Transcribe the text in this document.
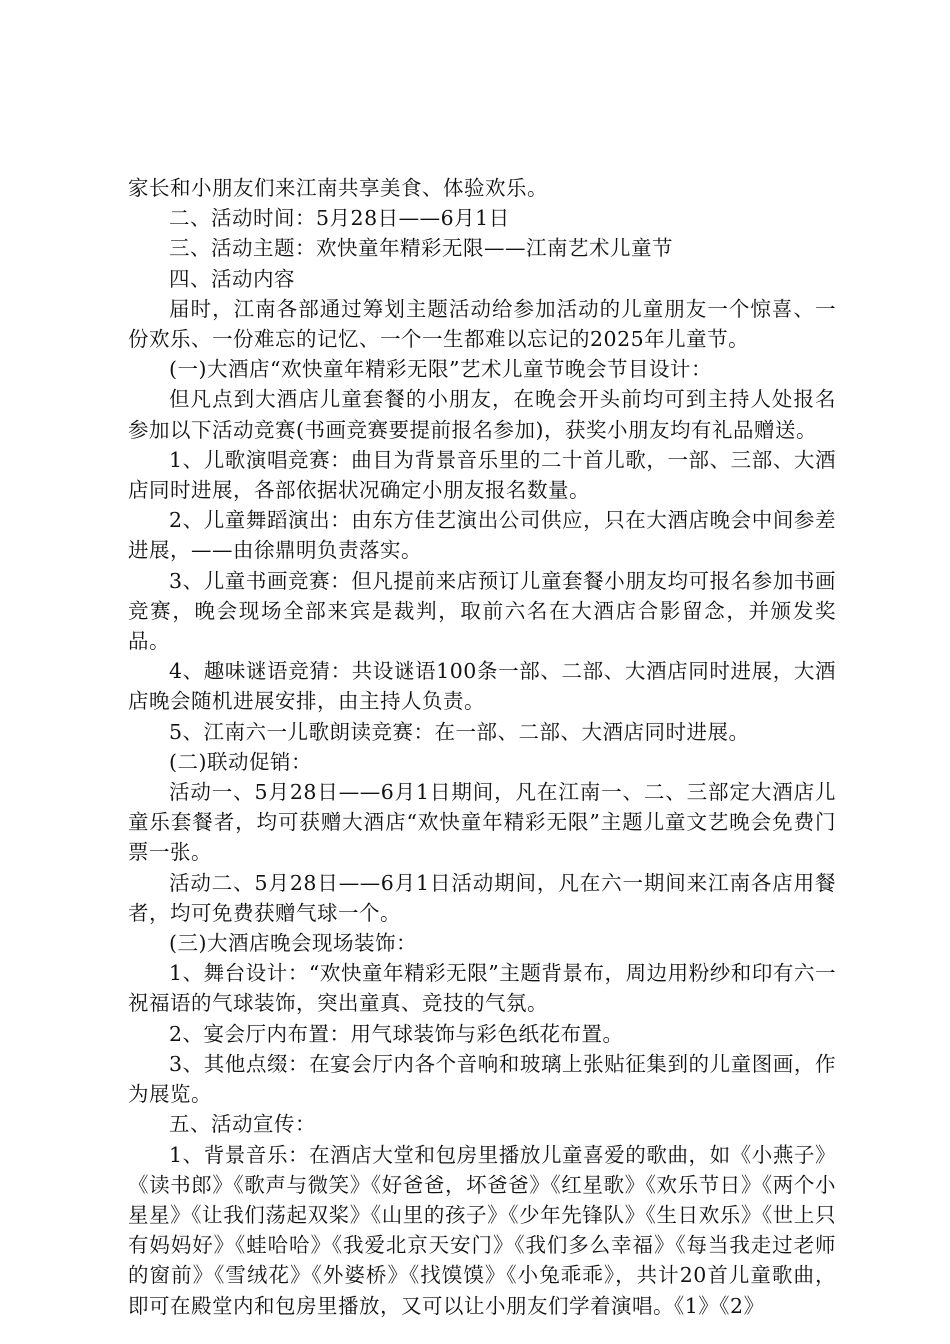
家长和小朋友们来江南共享美食、体验欢乐。

二、活动时间：5月28日——6月1日

三、活动主题：欢快童年精彩无限——江南艺术儿童节

四、活动内容

届时，江南各部通过筹划主题活动给参加活动的儿童朋友一个惊喜、一份欢乐、一份难忘的记忆、一个一生都难以忘记的2025年儿童节。

(一)大酒店“欢快童年精彩无限”艺术儿童节晚会节目设计：

但凡点到大酒店儿童套餐的小朋友，在晚会开头前均可到主持人处报名参加以下活动竞赛(书画竞赛要提前报名参加)，获奖小朋友均有礼品赠送。

1、儿歌演唱竞赛：曲目为背景音乐里的二十首儿歌，一部、三部、大酒店同时进展，各部依据状况确定小朋友报名数量。

2、儿童舞蹈演出：由东方佳艺演出公司供应，只在大酒店晚会中间参差进展，——由徐鼎明负责落实。

3、儿童书画竞赛：但凡提前来店预订儿童套餐小朋友均可报名参加书画竞赛，晚会现场全部来宾是裁判，取前六名在大酒店合影留念，并颁发奖品。

4、趣味谜语竞猜：共设谜语100条一部、二部、大酒店同时进展，大酒店晚会随机进展安排，由主持人负责。

5、江南六一儿歌朗读竞赛：在一部、二部、大酒店同时进展。

(二)联动促销：

活动一、5月28日——6月1日期间，凡在江南一、二、三部定大酒店儿童乐套餐者，均可获赠大酒店“欢快童年精彩无限”主题儿童文艺晚会免费门票一张。

活动二、5月28日——6月1日活动期间，凡在六一期间来江南各店用餐者，均可免费获赠气球一个。

(三)大酒店晚会现场装饰：

1、舞台设计：“欢快童年精彩无限”主题背景布，周边用粉纱和印有六一祝福语的气球装饰，突出童真、竞技的气氛。

2、宴会厅内布置：用气球装饰与彩色纸花布置。

3、其他点缀：在宴会厅内各个音响和玻璃上张贴征集到的儿童图画，作为展览。

五、活动宣传：

1、背景音乐：在酒店大堂和包房里播放儿童喜爱的歌曲，如《小燕子》《读书郎》《歌声与微笑》《好爸爸，坏爸爸》《红星歌》《欢乐节日》《两个小星星》《让我们荡起双桨》《山里的孩子》《少年先锋队》《生日欢乐》《世上只有妈妈好》《蛙哈哈》《我爱北京天安门》《我们多么幸福》《每当我走过老师的窗前》《雪绒花》《外婆桥》《找馍馍》《小兔乖乖》，共计20首儿童歌曲，即可在殿堂内和包房里播放，又可以让小朋友们学着演唱。《1》《2》
